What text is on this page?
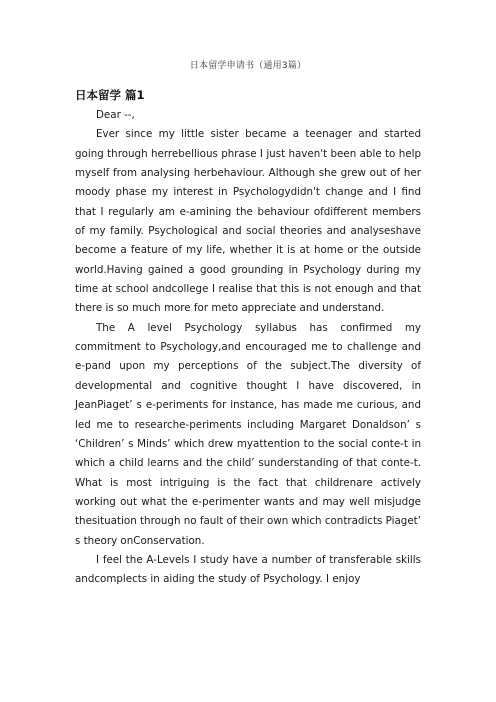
日本留学申请书（通用3篇）
日本留学 篇1

Dear --,

Ever since my little sister became a teenager and started going through herrebellious phrase I just haven't been able to help myself from analysing herbehaviour. Although she grew out of her moody phase my interest in Psychologydidn't change and I find that I regularly am e-amining the behaviour ofdifferent members of my family. Psychological and social theories and analyseshave become a feature of my life, whether it is at home or the outside world.Having gained a good grounding in Psychology during my time at school andcollege I realise that this is not enough and that there is so much more for meto appreciate and understand.

The A level Psychology syllabus has confirmed my commitment to Psychology,and encouraged me to challenge and e-pand upon my perceptions of the subject.The diversity of developmental and cognitive thought I have discovered, in JeanPiaget’ s e-periments for instance, has made me curious, and led me to researche-periments including Margaret Donaldson’ s ‘Children’ s Minds’ which drew myattention to the social conte-t in which a child learns and the child’ sunderstanding of that conte-t. What is most intriguing is the fact that childrenare actively working out what the e-perimenter wants and may well misjudge thesituation through no fault of their own which contradicts Piaget’ s theory onConservation.

I feel the A-Levels I study have a number of transferable skills andcomplects in aiding the study of Psychology. I enjoy
